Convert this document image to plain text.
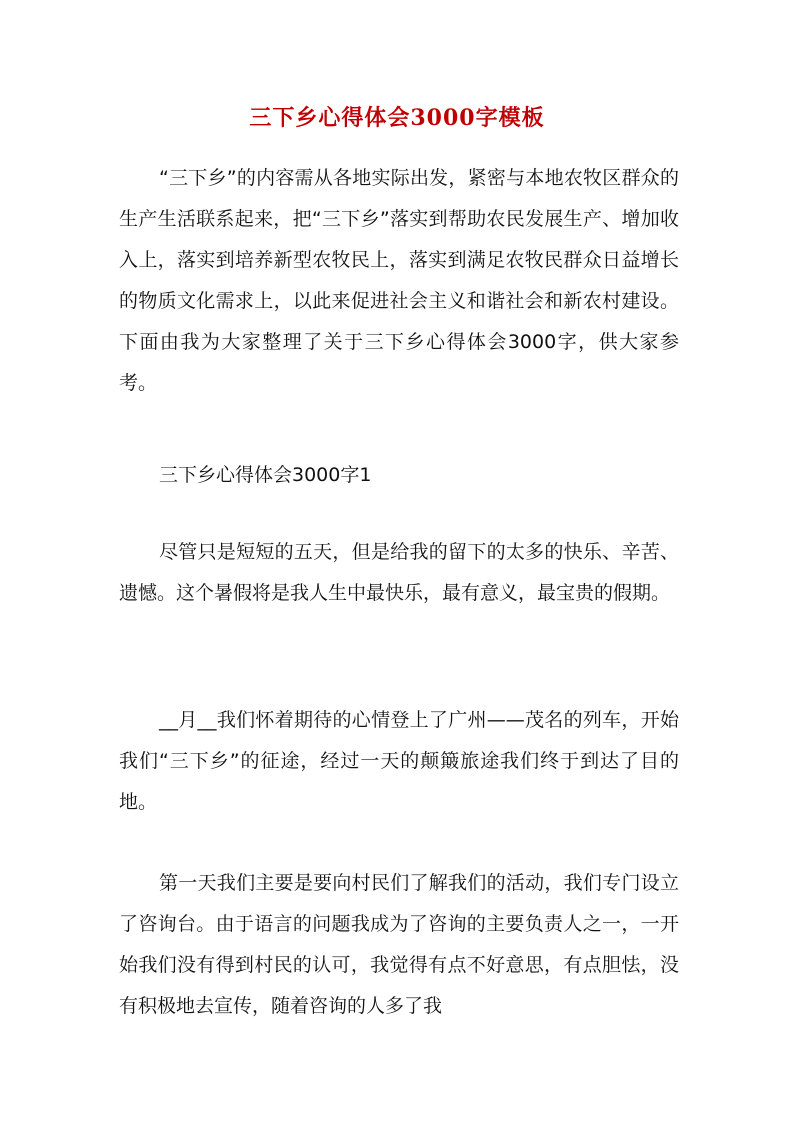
三下乡心得体会3000字模板

“三下乡”的内容需从各地实际出发，紧密与本地农牧区群众的生产生活联系起来，把“三下乡”落实到帮助农民发展生产、增加收入上，落实到培养新型农牧民上，落实到满足农牧民群众日益增长的物质文化需求上，以此来促进社会主义和谐社会和新农村建设。下面由我为大家整理了关于三下乡心得体会3000字，供大家参考。

三下乡心得体会3000字1

尽管只是短短的五天，但是给我的留下的太多的快乐、辛苦、遗憾。这个暑假将是我人生中最快乐，最有意义，最宝贵的假期。

__月__我们怀着期待的心情登上了广州——茂名的列车，开始我们“三下乡”的征途，经过一天的颠簸旅途我们终于到达了目的地。

第一天我们主要是要向村民们了解我们的活动，我们专门设立了咨询台。由于语言的问题我成为了咨询的主要负责人之一，一开始我们没有得到村民的认可，我觉得有点不好意思，有点胆怯，没有积极地去宣传，随着咨询的人多了我
